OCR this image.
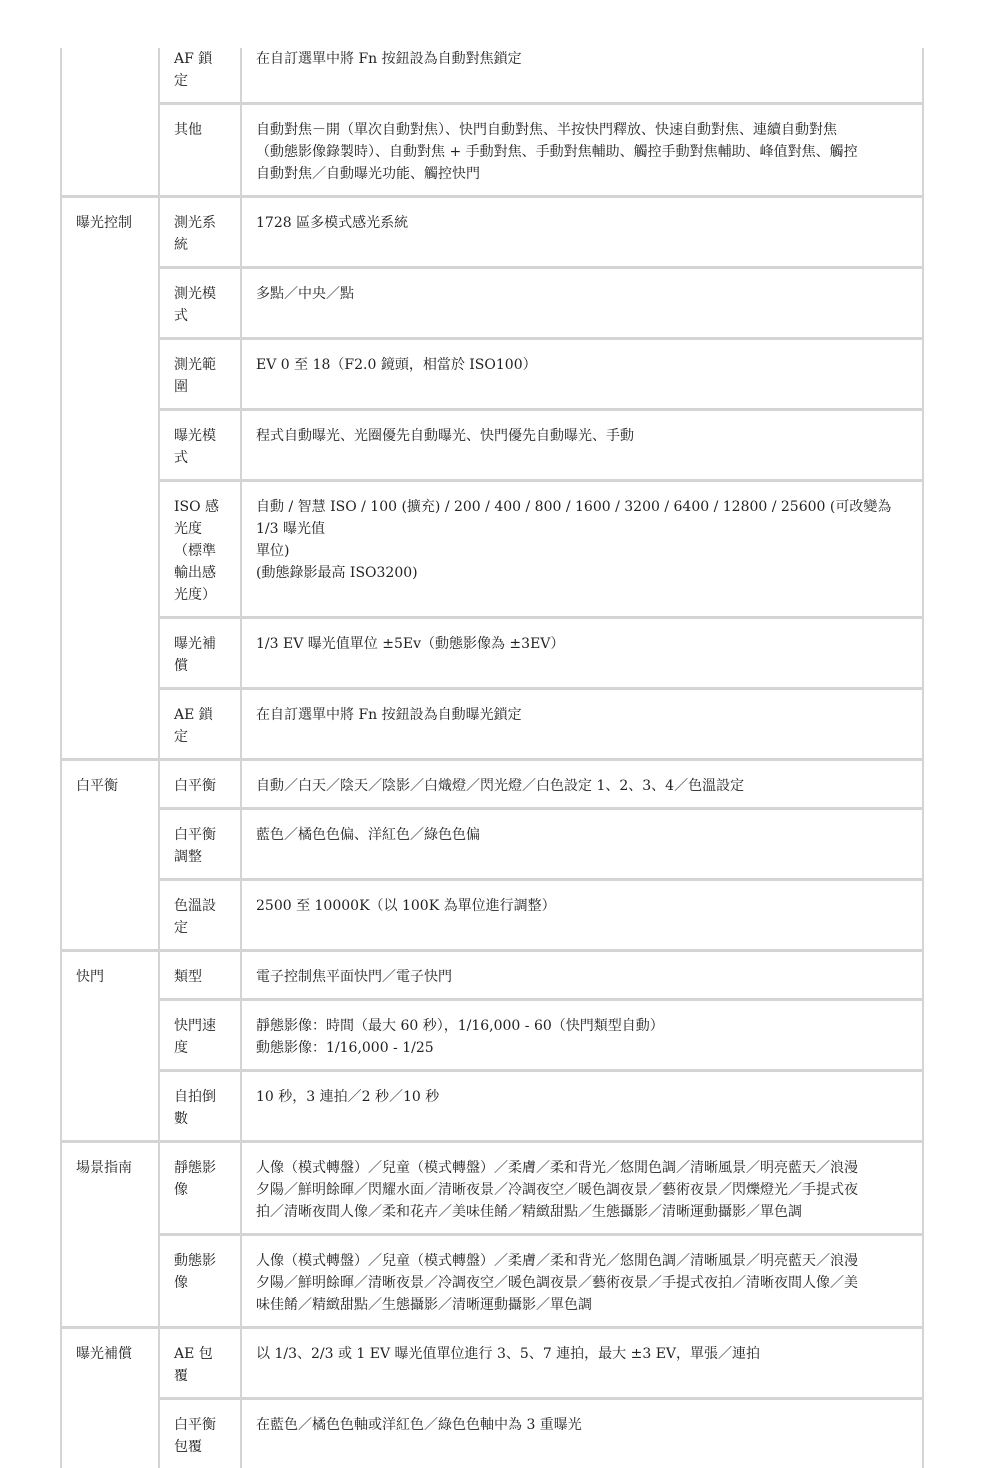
	AF 鎖定	在自訂選單中將 Fn 按鈕設為自動對焦鎖定

	其他	自動對焦－開（單次自動對焦）、快門自動對焦、半按快門釋放、快速自動對焦、連續自動對焦
（動態影像錄製時）、自動對焦 + 手動對焦、手動對焦輔助、觸控手動對焦輔助、峰值對焦、觸控
自動對焦／自動曝光功能、觸控快門

曝光控制	測光系統	1728 區多模式感光系統

	測光模式	多點／中央／點

	測光範圍	EV 0 至 18（F2.0 鏡頭，相當於 ISO100）

	曝光模式	程式自動曝光、光圈優先自動曝光、快門優先自動曝光、手動

	ISO 感光度（標準輸出感光度）	自動 / 智慧 ISO / 100 (擴充) / 200 / 400 / 800 / 1600 / 3200 / 6400 / 12800 / 25600 (可改變為 1/3 曝光值
單位)
(動態錄影最高 ISO3200)

	曝光補償	1/3 EV 曝光值單位 ±5Ev（動態影像為 ±3EV）

	AE 鎖定	在自訂選單中將 Fn 按鈕設為自動曝光鎖定

白平衡	白平衡	自動／白天／陰天／陰影／白熾燈／閃光燈／白色設定 1、2、3、4／色溫設定

	白平衡調整	藍色／橘色色偏、洋紅色／綠色色偏

	色溫設定	2500 至 10000K（以 100K 為單位進行調整）

快門	類型	電子控制焦平面快門／電子快門

	快門速度	靜態影像：時間（最大 60 秒），1/16,000 - 60（快門類型自動）
動態影像：1/16,000 - 1/25

	自拍倒數	10 秒，3 連拍／2 秒／10 秒

場景指南	靜態影像	人像（模式轉盤）／兒童（模式轉盤）／柔膚／柔和背光／悠閒色調／清晰風景／明亮藍天／浪漫
夕陽／鮮明餘暉／閃耀水面／清晰夜景／冷調夜空／暖色調夜景／藝術夜景／閃爍燈光／手提式夜
拍／清晰夜間人像／柔和花卉／美味佳餚／精緻甜點／生態攝影／清晰運動攝影／單色調

	動態影像	人像（模式轉盤）／兒童（模式轉盤）／柔膚／柔和背光／悠閒色調／清晰風景／明亮藍天／浪漫
夕陽／鮮明餘暉／清晰夜景／冷調夜空／暖色調夜景／藝術夜景／手提式夜拍／清晰夜間人像／美
味佳餚／精緻甜點／生態攝影／清晰運動攝影／單色調

曝光補償	AE 包覆	以 1/3、2/3 或 1 EV 曝光值單位進行 3、5、7 連拍，最大 ±3 EV，單張／連拍

	白平衡包覆	在藍色／橘色色軸或洋紅色／綠色色軸中為 3 重曝光
